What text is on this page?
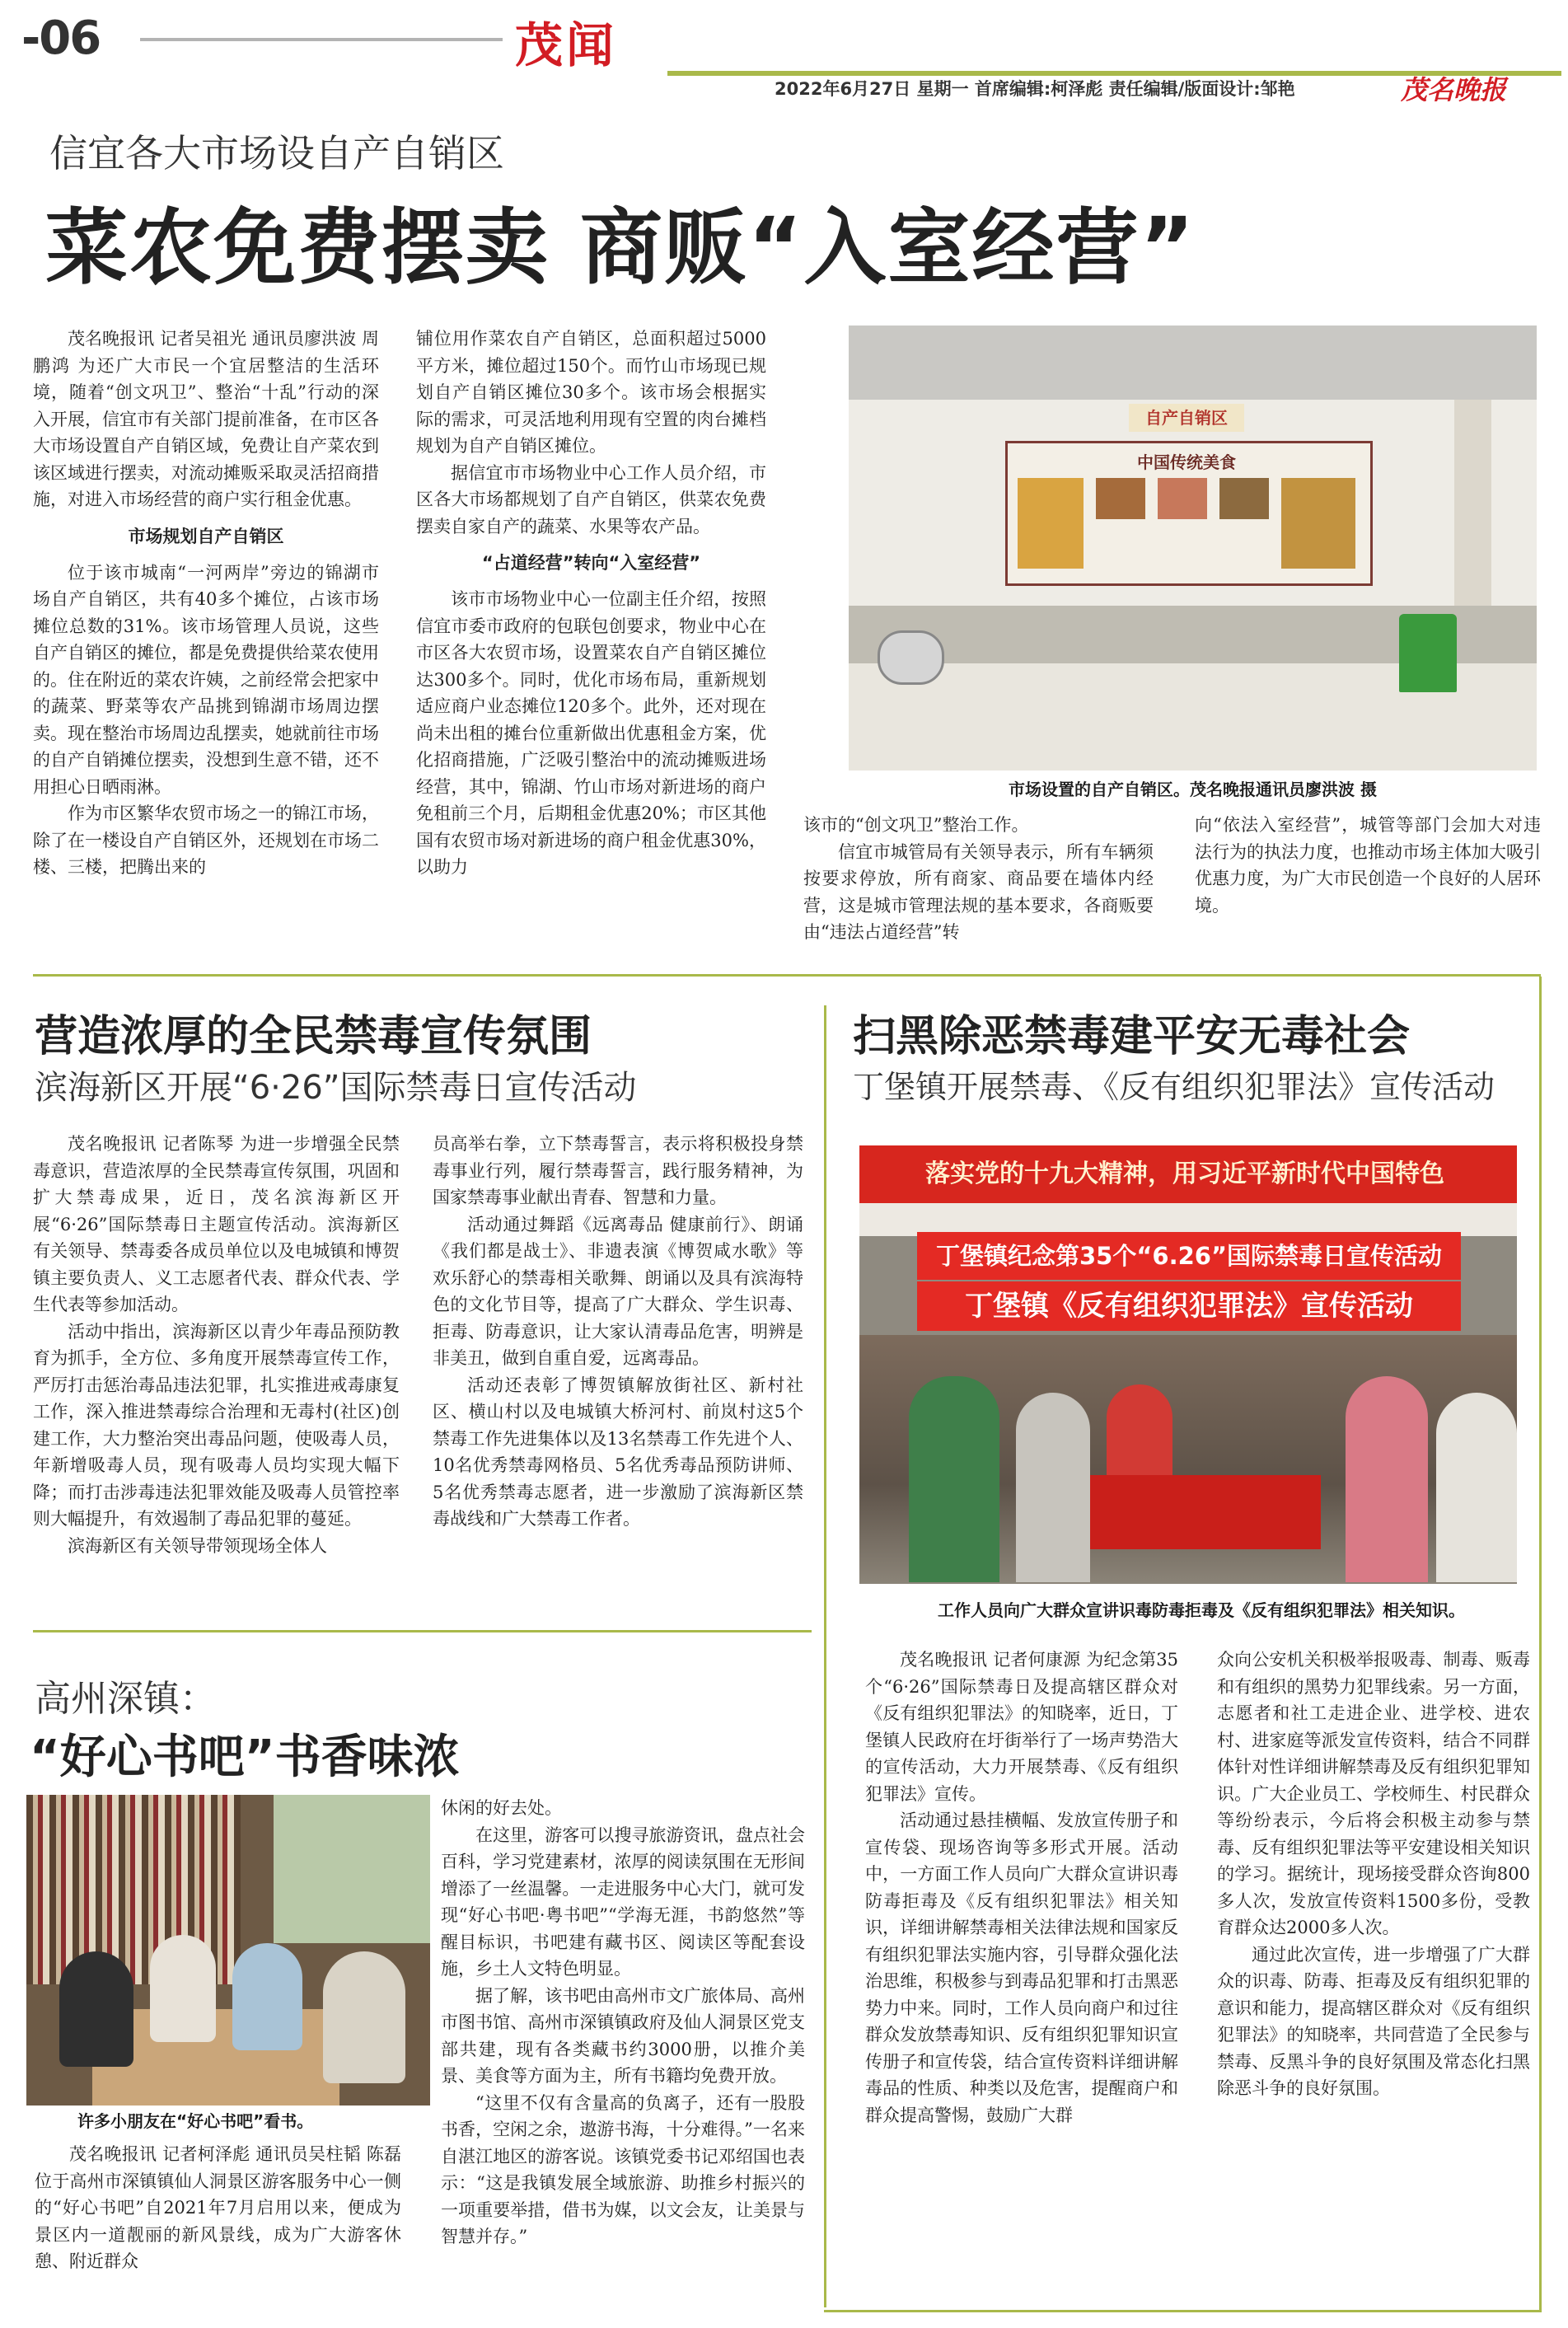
-06	茂闻
2022年6月27日 星期一 首席编辑:柯泽彪 责任编辑/版面设计:邹艳	茂名晚报
信宜各大市场设自产自销区
菜农免费摆卖 商贩“入室经营”

茂名晚报讯 记者吴祖光 通讯员廖洪波 周鹏鸿 为还广大市民一个宜居整洁的生活环境，随着“创文巩卫”、整治“十乱”行动的深入开展，信宜市有关部门提前准备，在市区各大市场设置自产自销区域，免费让自产菜农到该区域进行摆卖，对流动摊贩采取灵活招商措施，对进入市场经营的商户实行租金优惠。

市场规划自产自销区

位于该市城南“一河两岸”旁边的锦湖市场自产自销区，共有40多个摊位，占该市场摊位总数的31%。该市场管理人员说，这些自产自销区的摊位，都是免费提供给菜农使用的。住在附近的菜农许姨，之前经常会把家中的蔬菜、野菜等农产品挑到锦湖市场周边摆卖。现在整治市场周边乱摆卖，她就前往市场的自产自销摊位摆卖，没想到生意不错，还不用担心日晒雨淋。

作为市区繁华农贸市场之一的锦江市场，除了在一楼设自产自销区外，还规划在市场二楼、三楼，把腾出来的

铺位用作菜农自产自销区，总面积超过5000平方米，摊位超过150个。而竹山市场现已规划自产自销区摊位30多个。该市场会根据实际的需求，可灵活地利用现有空置的肉台摊档规划为自产自销区摊位。

据信宜市市场物业中心工作人员介绍，市区各大市场都规划了自产自销区，供菜农免费摆卖自家自产的蔬菜、水果等农产品。

“占道经营”转向“入室经营”

该市市场物业中心一位副主任介绍，按照信宜市委市政府的包联包创要求，物业中心在市区各大农贸市场，设置菜农自产自销区摊位达300多个。同时，优化市场布局，重新规划适应商户业态摊位120多个。此外，还对现在尚未出租的摊台位重新做出优惠租金方案，优化招商措施，广泛吸引整治中的流动摊贩进场经营，其中，锦湖、竹山市场对新进场的商户免租前三个月，后期租金优惠20%；市区其他国有农贸市场对新进场的商户租金优惠30%，以助力

自产自销区
中国传统美食
市场设置的自产自销区。茂名晚报通讯员廖洪波 摄

该市的“创文巩卫”整治工作。

信宜市城管局有关领导表示，所有车辆须按要求停放，所有商家、商品要在墙体内经营，这是城市管理法规的基本要求，各商贩要由“违法占道经营”转

向“依法入室经营”，城管等部门会加大对违法行为的执法力度，也推动市场主体加大吸引优惠力度，为广大市民创造一个良好的人居环境。

营造浓厚的全民禁毒宣传氛围
滨海新区开展“6·26”国际禁毒日宣传活动

茂名晚报讯 记者陈琴 为进一步增强全民禁毒意识，营造浓厚的全民禁毒宣传氛围，巩固和扩大禁毒成果，近日，茂名滨海新区开展“6·26”国际禁毒日主题宣传活动。滨海新区有关领导、禁毒委各成员单位以及电城镇和博贺镇主要负责人、义工志愿者代表、群众代表、学生代表等参加活动。

活动中指出，滨海新区以青少年毒品预防教育为抓手，全方位、多角度开展禁毒宣传工作，严厉打击惩治毒品违法犯罪，扎实推进戒毒康复工作，深入推进禁毒综合治理和无毒村(社区)创建工作，大力整治突出毒品问题，使吸毒人员，年新增吸毒人员，现有吸毒人员均实现大幅下降；而打击涉毒违法犯罪效能及吸毒人员管控率则大幅提升，有效遏制了毒品犯罪的蔓延。

滨海新区有关领导带领现场全体人

员高举右拳，立下禁毒誓言，表示将积极投身禁毒事业行列，履行禁毒誓言，践行服务精神，为国家禁毒事业献出青春、智慧和力量。

活动通过舞蹈《远离毒品 健康前行》、朗诵《我们都是战士》、非遗表演《博贺咸水歌》等欢乐舒心的禁毒相关歌舞、朗诵以及具有滨海特色的文化节目等，提高了广大群众、学生识毒、拒毒、防毒意识，让大家认清毒品危害，明辨是非美丑，做到自重自爱，远离毒品。

活动还表彰了博贺镇解放街社区、新村社区、横山村以及电城镇大桥河村、前岚村这5个禁毒工作先进集体以及13名禁毒工作先进个人、10名优秀禁毒网格员、5名优秀毒品预防讲师、5名优秀禁毒志愿者，进一步激励了滨海新区禁毒战线和广大禁毒工作者。

扫黑除恶禁毒建平安无毒社会
丁堡镇开展禁毒、《反有组织犯罪法》宣传活动
落实党的十九大精神，用习近平新时代中国特色
丁堡镇纪念第35个“6.26”国际禁毒日宣传活动
丁堡镇《反有组织犯罪法》宣传活动
工作人员向广大群众宣讲识毒防毒拒毒及《反有组织犯罪法》相关知识。

茂名晚报讯 记者何康源 为纪念第35个“6·26”国际禁毒日及提高辖区群众对《反有组织犯罪法》的知晓率，近日，丁堡镇人民政府在圩街举行了一场声势浩大的宣传活动，大力开展禁毒、《反有组织犯罪法》宣传。

活动通过悬挂横幅、发放宣传册子和宣传袋、现场咨询等多形式开展。活动中，一方面工作人员向广大群众宣讲识毒防毒拒毒及《反有组织犯罪法》相关知识，详细讲解禁毒相关法律法规和国家反有组织犯罪法实施内容，引导群众强化法治思维，积极参与到毒品犯罪和打击黑恶势力中来。同时，工作人员向商户和过往群众发放禁毒知识、反有组织犯罪知识宣传册子和宣传袋，结合宣传资料详细讲解毒品的性质、种类以及危害，提醒商户和群众提高警惕，鼓励广大群

众向公安机关积极举报吸毒、制毒、贩毒和有组织的黑势力犯罪线索。另一方面，志愿者和社工走进企业、进学校、进农村、进家庭等派发宣传资料，结合不同群体针对性详细讲解禁毒及反有组织犯罪知识。广大企业员工、学校师生、村民群众等纷纷表示，今后将会积极主动参与禁毒、反有组织犯罪法等平安建设相关知识的学习。据统计，现场接受群众咨询800多人次，发放宣传资料1500多份，受教育群众达2000多人次。

通过此次宣传，进一步增强了广大群众的识毒、防毒、拒毒及反有组织犯罪的意识和能力，提高辖区群众对《反有组织犯罪法》的知晓率，共同营造了全民参与禁毒、反黑斗争的良好氛围及常态化扫黑除恶斗争的良好氛围。

高州深镇：
“好心书吧”书香味浓
许多小朋友在“好心书吧”看书。

茂名晚报讯 记者柯泽彪 通讯员吴柱韬 陈磊 位于高州市深镇镇仙人洞景区游客服务中心一侧的“好心书吧”自2021年7月启用以来，便成为景区内一道靓丽的新风景线，成为广大游客休憩、附近群众

休闲的好去处。

在这里，游客可以搜寻旅游资讯，盘点社会百科，学习党建素材，浓厚的阅读氛围在无形间增添了一丝温馨。一走进服务中心大门，就可发现“好心书吧·粤书吧”“学海无涯，书韵悠然”等醒目标识，书吧建有藏书区、阅读区等配套设施，乡土人文特色明显。

据了解，该书吧由高州市文广旅体局、高州市图书馆、高州市深镇镇政府及仙人洞景区党支部共建，现有各类藏书约3000册，以推介美景、美食等方面为主，所有书籍均免费开放。

“这里不仅有含量高的负离子，还有一股股书香，空闲之余，遨游书海，十分难得。”一名来自湛江地区的游客说。该镇党委书记邓绍国也表示：“这是我镇发展全域旅游、助推乡村振兴的一项重要举措，借书为媒，以文会友，让美景与智慧并存。”
